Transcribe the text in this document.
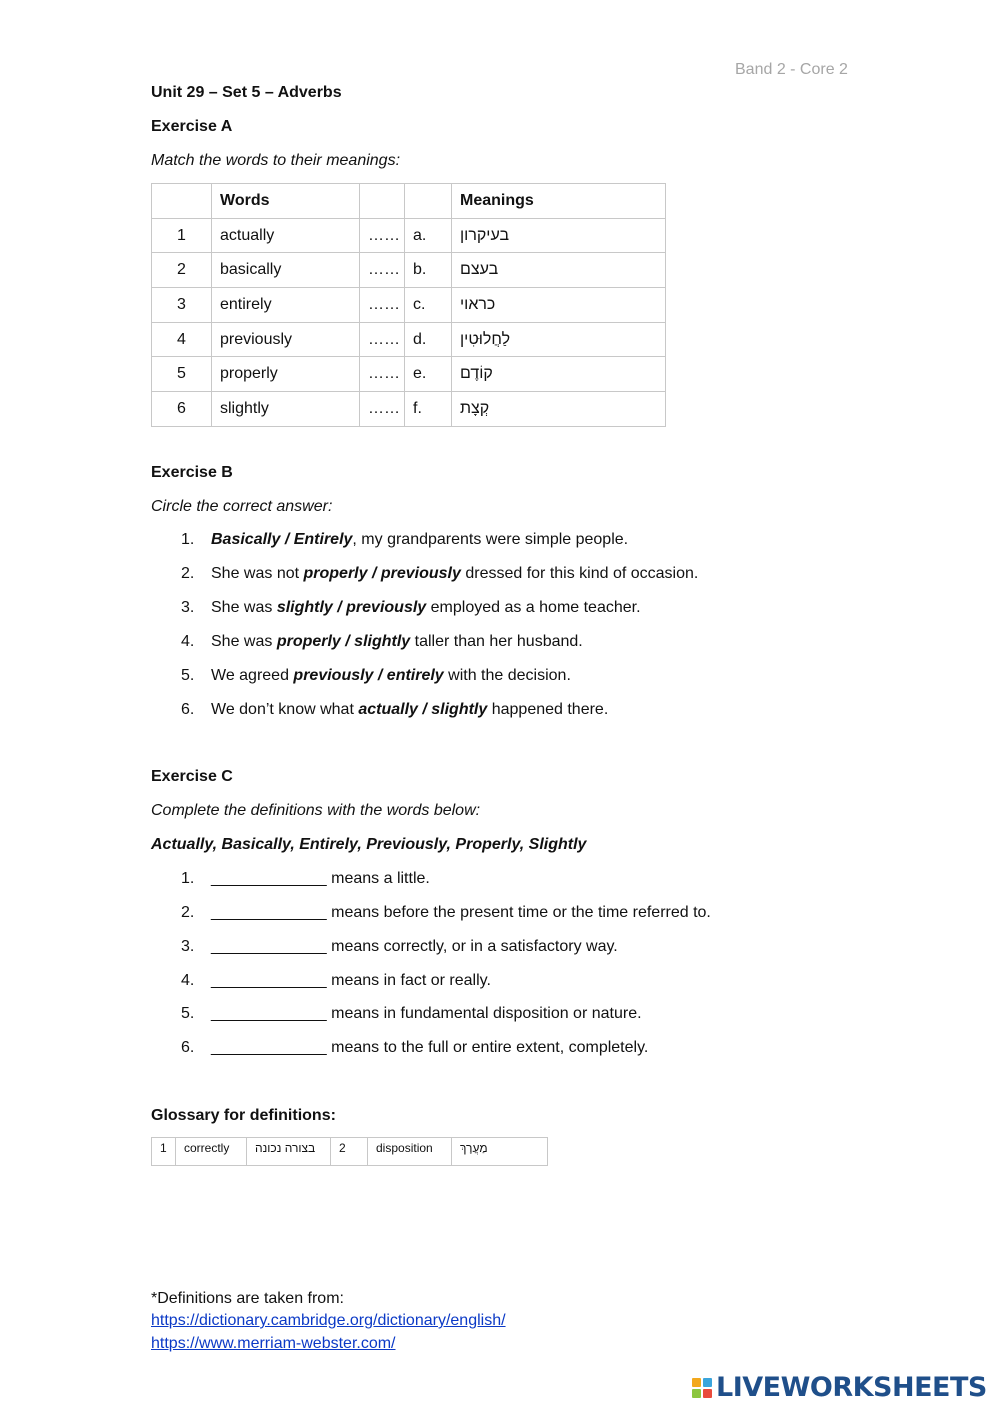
Band 2 - Core 2
Unit 29 – Set 5 – Adverbs
Exercise A
Match the words to their meanings:
	Words			Meanings
1	actually	……	a.	בעיקרון
2	basically	……	b.	בעצם
3	entirely	……	c.	כראוי
4	previously	……	d.	לַחֲלוּטִין
5	properly	……	e.	קוֹדֶם
6	slightly	……	f.	קְצָת
Exercise B
Circle the correct answer:
1. Basically / Entirely, my grandparents were simple people.
2. She was not properly / previously dressed for this kind of occasion.
3. She was slightly / previously employed as a home teacher.
4. She was properly / slightly taller than her husband.
5. We agreed previously / entirely with the decision.
6. We don’t know what actually / slightly happened there.
Exercise C
Complete the definitions with the words below:
Actually, Basically, Entirely, Previously, Properly, Slightly
1. _____________ means a little.
2. _____________ means before the present time or the time referred to.
3. _____________ means correctly, or in a satisfactory way.
4. _____________ means in fact or really.
5. _____________ means in fundamental disposition or nature.
6. _____________ means to the full or entire extent, completely.
Glossary for definitions:
1	correctly	בצורה נכונה	2	disposition	מַעֲרָךְ
*Definitions are taken from:
https://dictionary.cambridge.org/dictionary/english/
https://www.merriam-webster.com/
LIVEWORKSHEETS
